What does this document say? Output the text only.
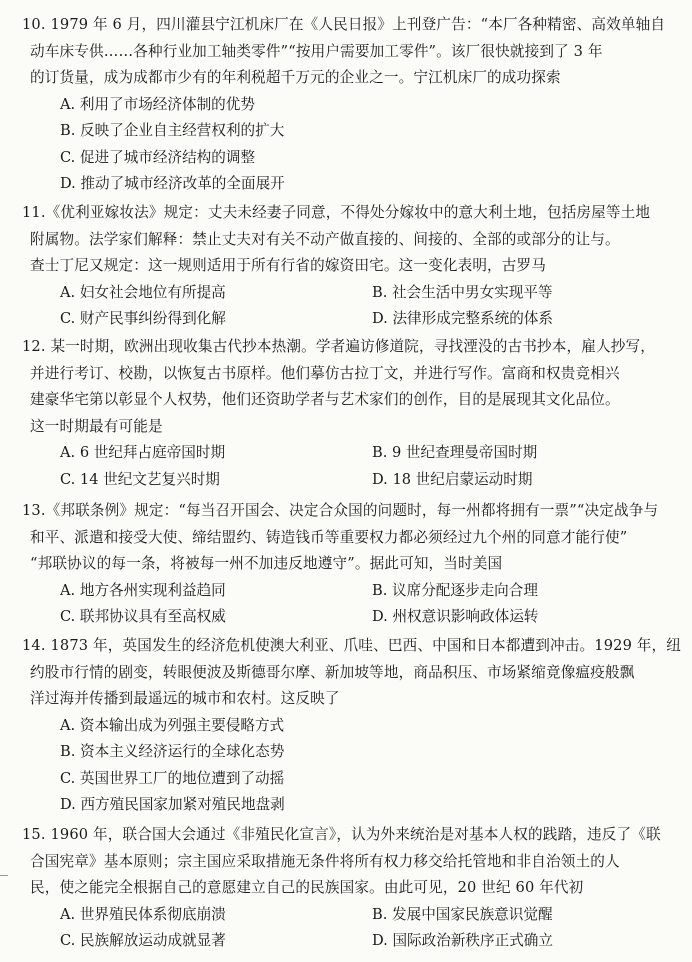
10. 1979 年 6 月，四川灌县宁江机床厂在《人民日报》上刊登广告：“本厂各种精密、高效单轴自
动车床专供……各种行业加工轴类零件”“按用户需要加工零件”。该厂很快就接到了 3 年
的订货量，成为成都市少有的年利税超千万元的企业之一。宁江机床厂的成功探索
A. 利用了市场经济体制的优势
B. 反映了企业自主经营权利的扩大
C. 促进了城市经济结构的调整
D. 推动了城市经济改革的全面展开
11.《优利亚嫁妆法》规定：丈夫未经妻子同意，不得处分嫁妆中的意大利土地，包括房屋等土地
附属物。法学家们解释：禁止丈夫对有关不动产做直接的、间接的、全部的或部分的让与。
查士丁尼又规定：这一规则适用于所有行省的嫁资田宅。这一变化表明，古罗马
A. 妇女社会地位有所提高	B. 社会生活中男女实现平等
C. 财产民事纠纷得到化解	D. 法律形成完整系统的体系
12. 某一时期，欧洲出现收集古代抄本热潮。学者遍访修道院，寻找湮没的古书抄本，雇人抄写，
并进行考订、校勘，以恢复古书原样。他们摹仿古拉丁文，并进行写作。富商和权贵竞相兴
建豪华宅第以彰显个人权势，他们还资助学者与艺术家们的创作，目的是展现其文化品位。
这一时期最有可能是
A. 6 世纪拜占庭帝国时期	B. 9 世纪查理曼帝国时期
C. 14 世纪文艺复兴时期	D. 18 世纪启蒙运动时期
13.《邦联条例》规定：“每当召开国会、决定合众国的问题时，每一州都将拥有一票”“决定战争与
和平、派遣和接受大使、缔结盟约、铸造钱币等重要权力都必须经过九个州的同意才能行使”
“邦联协议的每一条，将被每一州不加违反地遵守”。据此可知，当时美国
A. 地方各州实现利益趋同	B. 议席分配逐步走向合理
C. 联邦协议具有至高权威	D. 州权意识影响政体运转
14. 1873 年，英国发生的经济危机使澳大利亚、爪哇、巴西、中国和日本都遭到冲击。1929 年，纽
约股市行情的剧变，转眼便波及斯德哥尔摩、新加坡等地，商品积压、市场紧缩竟像瘟疫般飘
洋过海并传播到最遥远的城市和农村。这反映了
A. 资本输出成为列强主要侵略方式
B. 资本主义经济运行的全球化态势
C. 英国世界工厂的地位遭到了动摇
D. 西方殖民国家加紧对殖民地盘剥
15. 1960 年，联合国大会通过《非殖民化宣言》，认为外来统治是对基本人权的践踏，违反了《联
合国宪章》基本原则；宗主国应采取措施无条件将所有权力移交给托管地和非自治领土的人
民，使之能完全根据自己的意愿建立自己的民族国家。由此可见，20 世纪 60 年代初
A. 世界殖民体系彻底崩溃	B. 发展中国家民族意识觉醒
C. 民族解放运动成就显著	D. 国际政治新秩序正式确立
